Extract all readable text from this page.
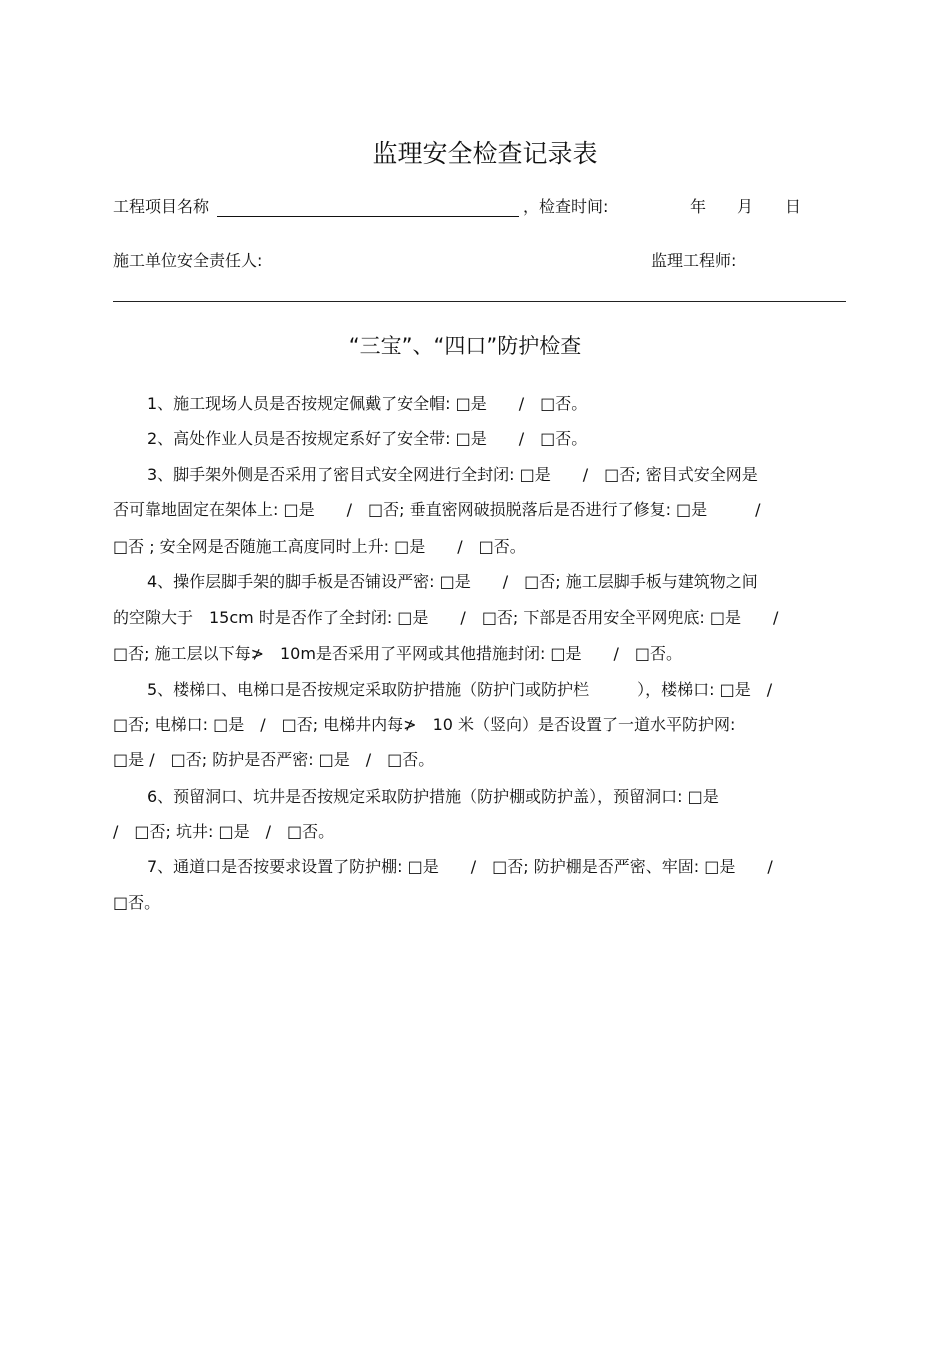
监理安全检查记录表
工程项目名称	，检查时间:	年 月 日
施工单位安全责任人:	监理工程师:
“三宝”、“四口”防护检查
1、施工现场人员是否按规定佩戴了安全帽: □是　　/　□否。
2、高处作业人员是否按规定系好了安全带: □是　　/　□否。
3、脚手架外侧是否采用了密目式安全网进行全封闭: □是　　/　□否; 密目式安全网是
否可靠地固定在架体上: □是　　/　□否; 垂直密网破损脱落后是否进行了修复: □是　　　/
□否 ; 安全网是否随施工高度同时上升: □是　　/　□否。
4、操作层脚手架的脚手板是否铺设严密: □是　　/　□否; 施工层脚手板与建筑物之间
的空隙大于　15cm 时是否作了全封闭: □是　　/　□否; 下部是否用安全平网兜底: □是　　/
□否; 施工层以下每≯　10m是否采用了平网或其他措施封闭: □是　　/　□否。
5、楼梯口、电梯口是否按规定采取防护措施（防护门或防护栏　　　），楼梯口: □是　/
□否; 电梯口: □是　/　□否; 电梯井内每≯　10 米（竖向）是否设置了一道水平防护网:
□是 /　□否; 防护是否严密: □是　/　□否。
6、预留洞口、坑井是否按规定采取防护措施（防护棚或防护盖），预留洞口: □是
/　□否; 坑井: □是　/　□否。
7、通道口是否按要求设置了防护棚: □是　　/　□否; 防护棚是否严密、牢固: □是　　/
□否。
